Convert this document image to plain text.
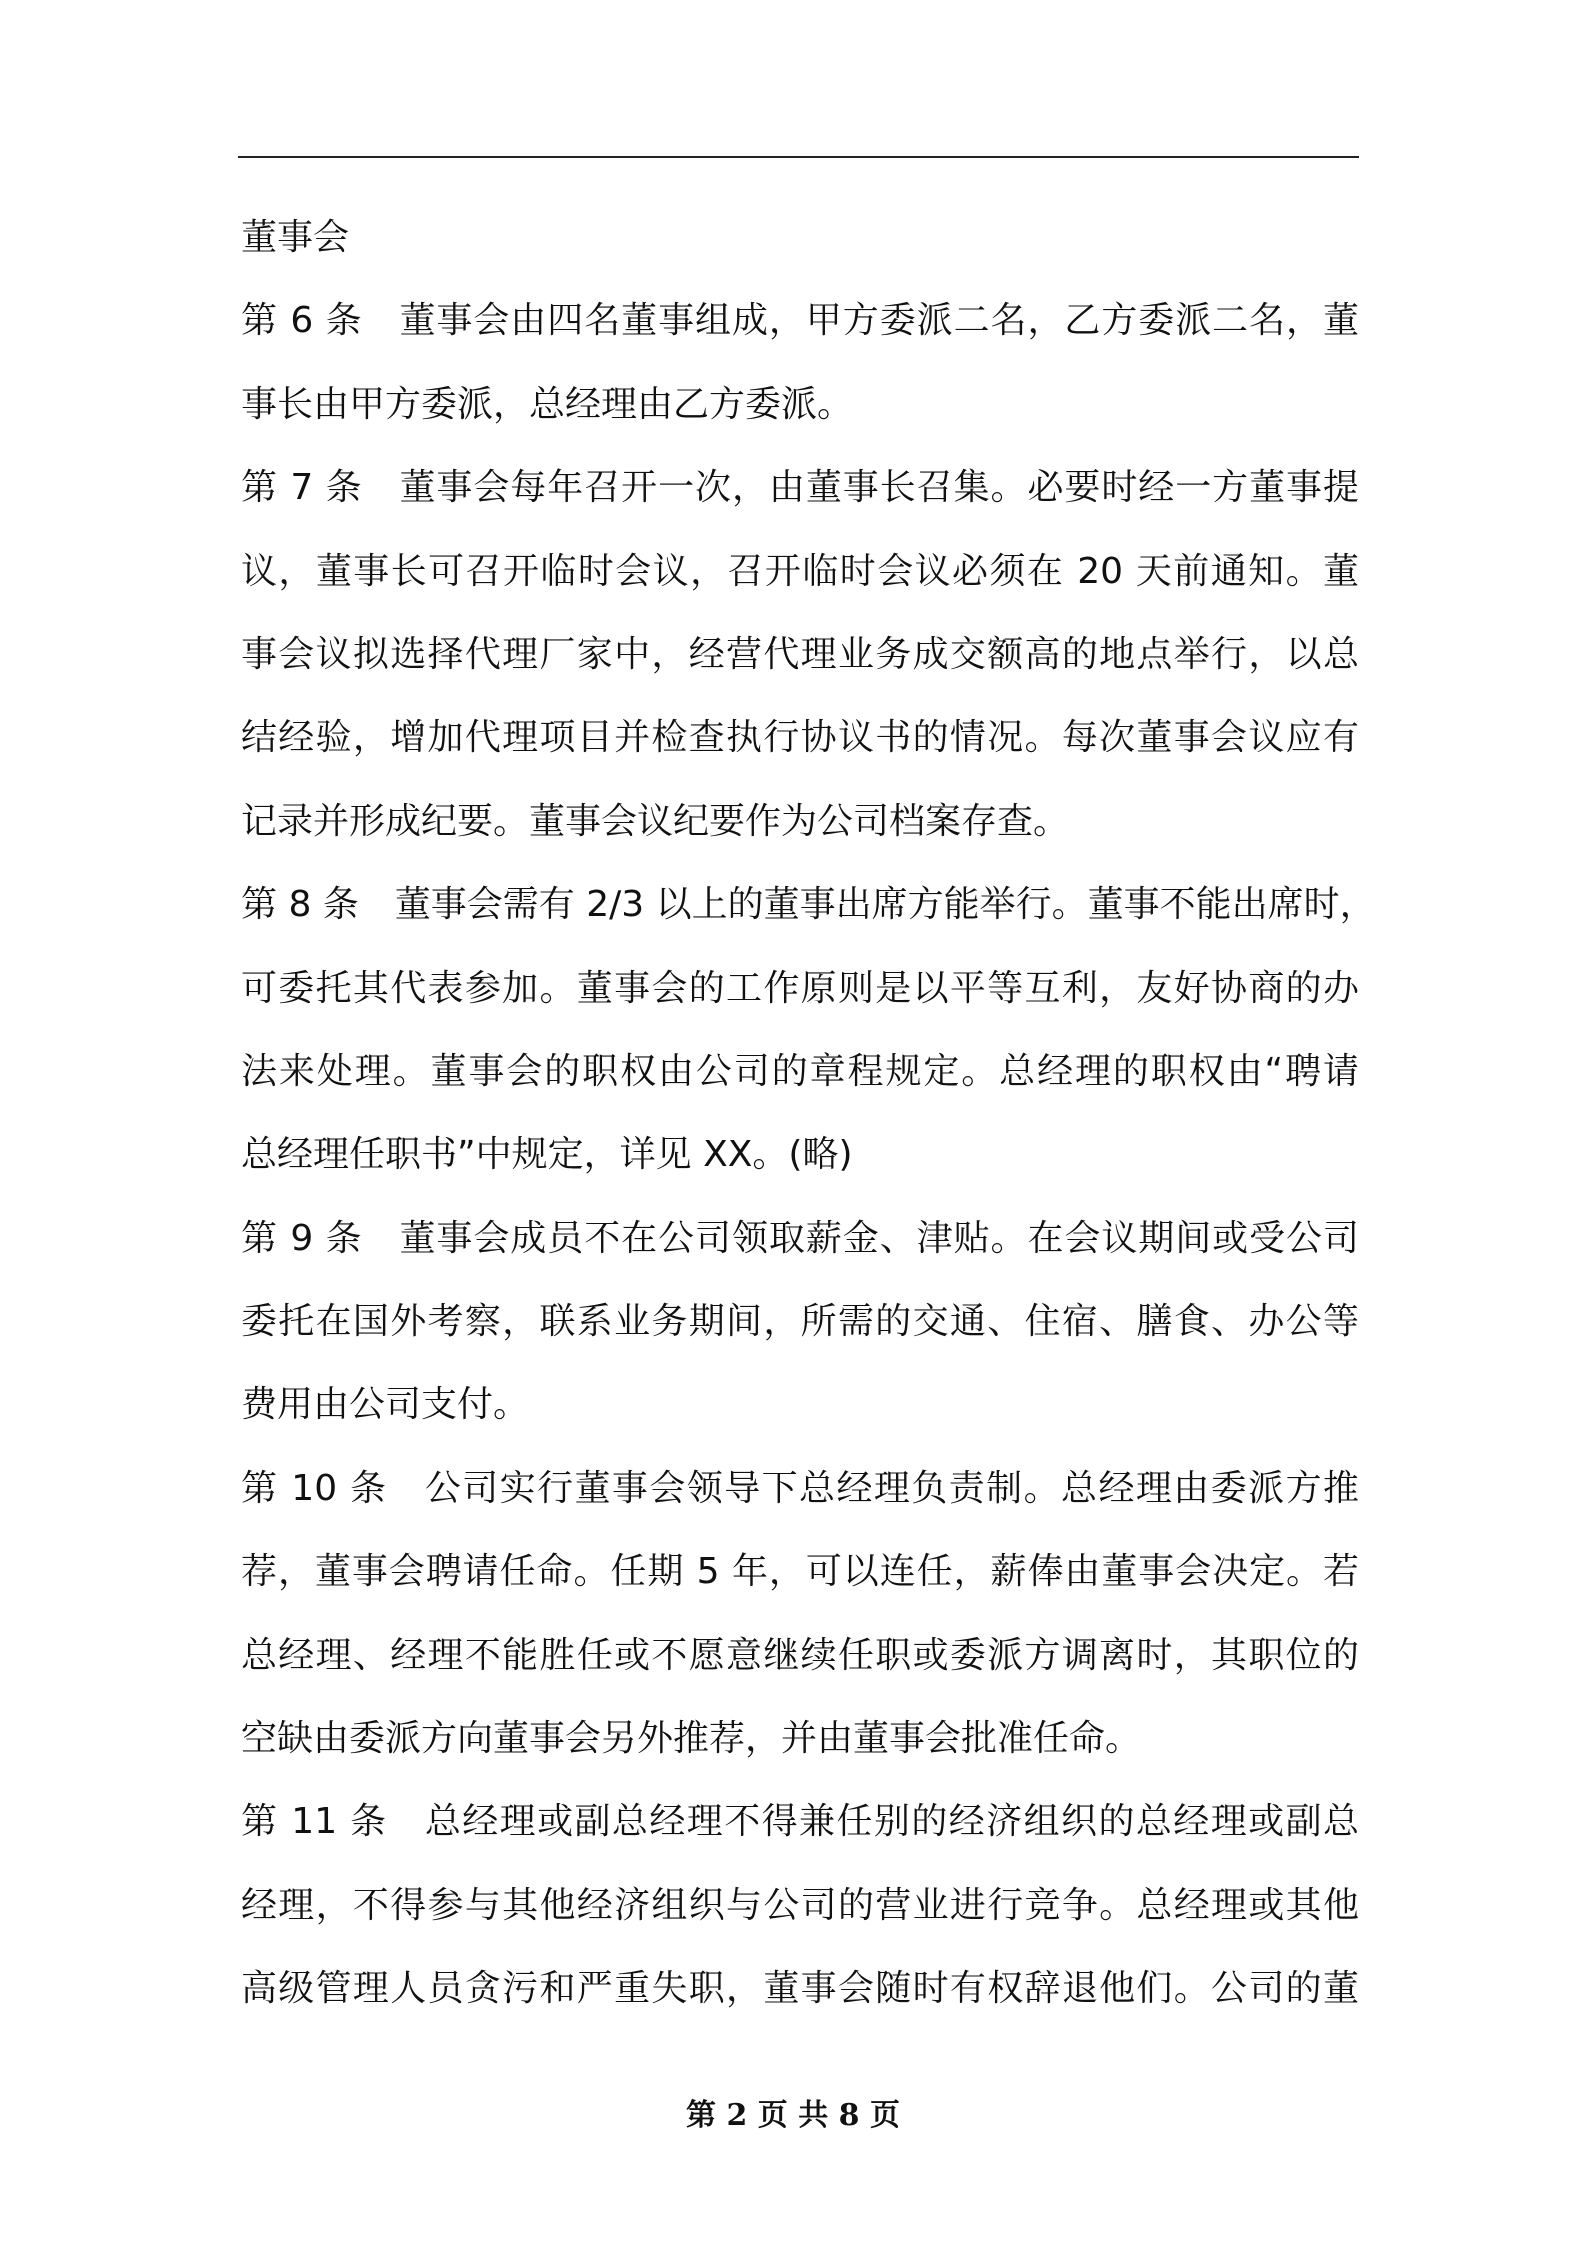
董事会
第 6 条　董事会由四名董事组成，甲方委派二名，乙方委派二名，董
事长由甲方委派，总经理由乙方委派。
第 7 条　董事会每年召开一次，由董事长召集。必要时经一方董事提
议，董事长可召开临时会议，召开临时会议必须在 20 天前通知。董
事会议拟选择代理厂家中，经营代理业务成交额高的地点举行，以总
结经验，增加代理项目并检查执行协议书的情况。每次董事会议应有
记录并形成纪要。董事会议纪要作为公司档案存查。
第 8 条　董事会需有 2/3 以上的董事出席方能举行。董事不能出席时，
可委托其代表参加。董事会的工作原则是以平等互利，友好协商的办
法来处理。董事会的职权由公司的章程规定。总经理的职权由“聘请
总经理任职书”中规定，详见 XX。(略)
第 9 条　董事会成员不在公司领取薪金、津贴。在会议期间或受公司
委托在国外考察，联系业务期间，所需的交通、住宿、膳食、办公等
费用由公司支付。
第 10 条　公司实行董事会领导下总经理负责制。总经理由委派方推
荐，董事会聘请任命。任期 5 年，可以连任，薪俸由董事会决定。若
总经理、经理不能胜任或不愿意继续任职或委派方调离时，其职位的
空缺由委派方向董事会另外推荐，并由董事会批准任命。
第 11 条　总经理或副总经理不得兼任别的经济组织的总经理或副总
经理，不得参与其他经济组织与公司的营业进行竞争。总经理或其他
高级管理人员贪污和严重失职，董事会随时有权辞退他们。公司的董
第 2 页 共 8 页
